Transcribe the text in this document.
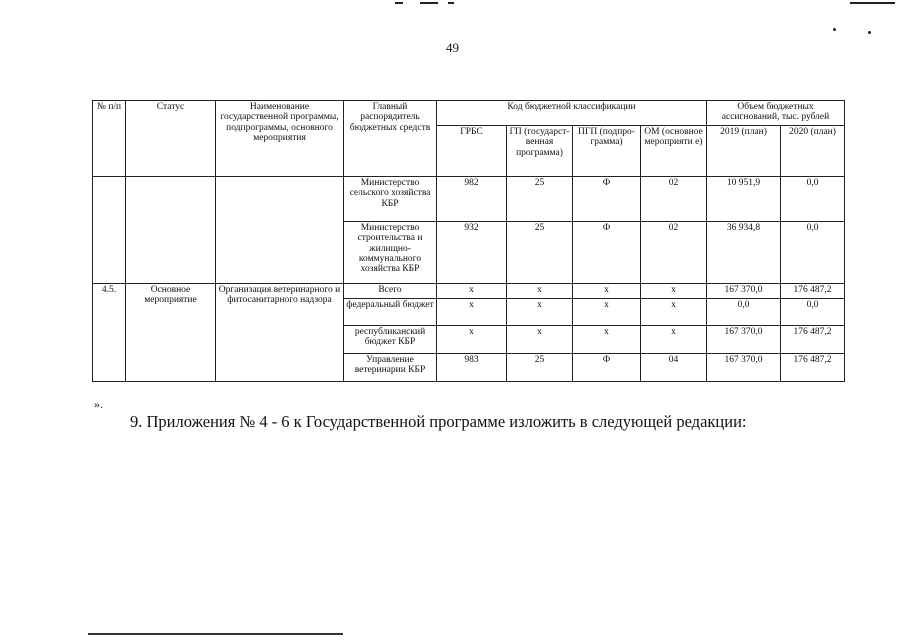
49
№ п/п	Статус	Наименование государственной программы, подпрограммы, основного мероприятия	Главный распорядитель бюджетных средств	Код бюджетной классификации				Объем бюджетных ассигнований, тыс. рублей	
				ГРБС	ГП (государст-венная программа)	ПГП (подпро-грамма)	ОМ (основное мероприяти е)	2019 (план)	2020 (план)
			Министерство сельского хозяйства КБР	982	25	Ф	02	10 951,9	0,0
			Министерство строительства и жилищно-коммунального хозяйства КБР	932	25	Ф	02	36 934,8	0,0
4.5.	Основное мероприятие	Организация ветеринарного и фитосанитарного надзора	Всего	х	х	х	х	167 370,0	176 487,2
			федеральный бюджет	х	х	х	х	0,0	0,0
			республиканский бюджет КБР	х	х	х	х	167 370,0	176 487,2
			Управление ветеринарии КБР	983	25	Ф	04	167 370,0	176 487,2
».
9. Приложения № 4 - 6 к Государственной программе изложить в следующей редакции:
